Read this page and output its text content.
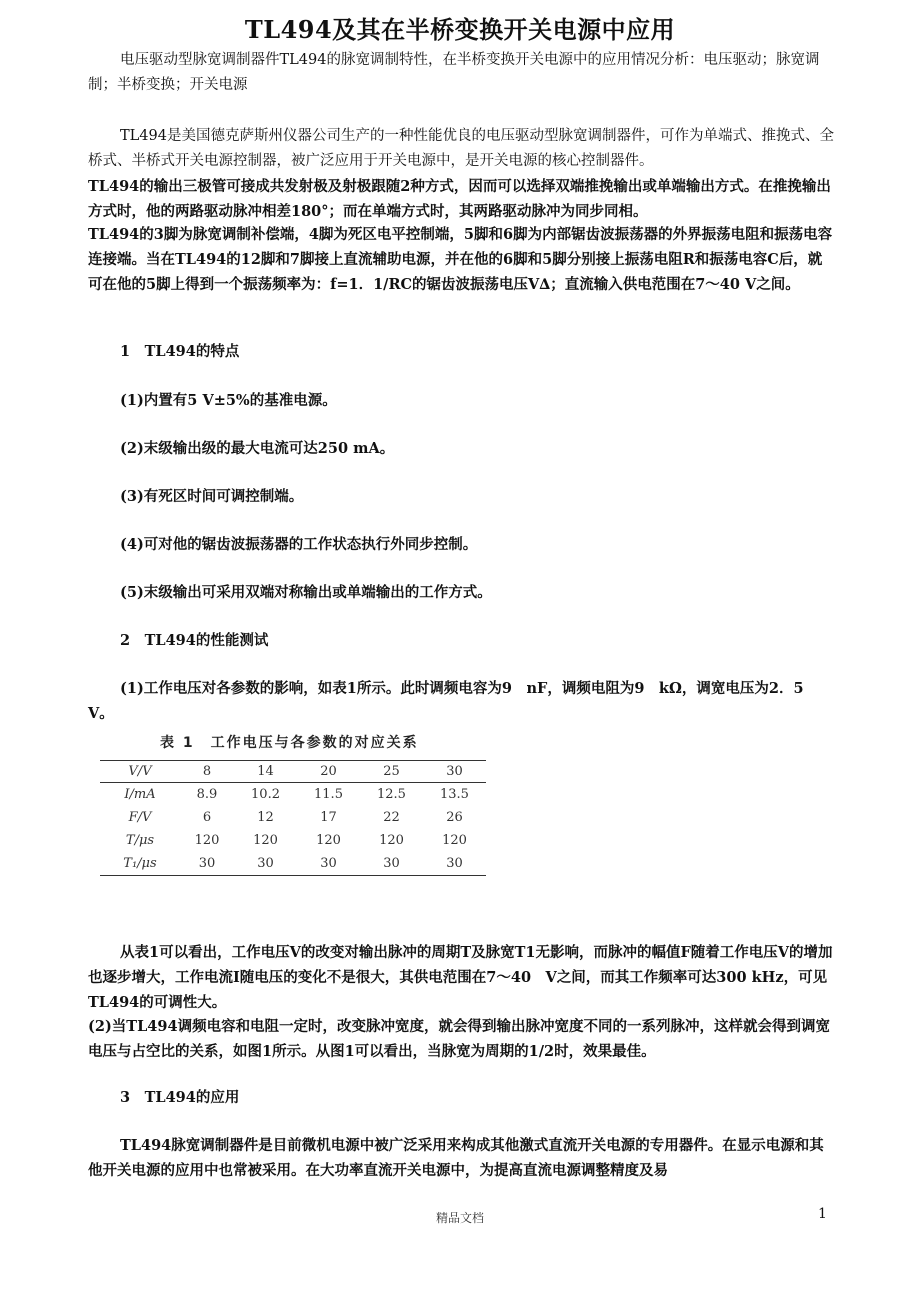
TL494及其在半桥变换开关电源中应用

电压驱动型脉宽调制器件TL494的脉宽调制特性，在半桥变换开关电源中的应用情况分析：电压驱动；脉宽调制；半桥变换；开关电源

TL494是美国德克萨斯州仪器公司生产的一种性能优良的电压驱动型脉宽调制器件，可作为单端式、推挽式、全桥式、半桥式开关电源控制器，被广泛应用于开关电源中，是开关电源的核心控制器件。

TL494的输出三极管可接成共发射极及射极跟随2种方式，因而可以选择双端推挽输出或单端输出方式。在推挽输出方式时，他的两路驱动脉冲相差180°；而在单端方式时，其两路驱动脉冲为同步同相。

TL494的3脚为脉宽调制补偿端，4脚为死区电平控制端，5脚和6脚为内部锯齿波振荡器的外界振荡电阻和振荡电容连接端。当在TL494的12脚和7脚接上直流辅助电源，并在他的6脚和5脚分别接上振荡电阻R和振荡电容C后，就可在他的5脚上得到一个振荡频率为：f=1．1/RC的锯齿波振荡电压V∆；直流输入供电范围在7～40 V之间。

1　TL494的特点

(1)内置有5 V±5%的基准电源。

(2)末级输出级的最大电流可达250 mA。

(3)有死区时间可调控制端。

(4)可对他的锯齿波振荡器的工作状态执行外同步控制。

(5)末级输出可采用双端对称输出或单端输出的工作方式。

2　TL494的性能测试

(1)工作电压对各参数的影响，如表1所示。此时调频电容为9　nF，调频电阻为9　kΩ，调宽电压为2．5 V。

表 1　工作电压与各参数的对应关系
V/V	8	14	20	25	30
I/mA	8.9	10.2	11.5	12.5	13.5
F/V	6	12	17	22	26
T/μs	120	120	120	120	120
T₁/μs	30	30	30	30	30

从表1可以看出，工作电压V的改变对输出脉冲的周期T及脉宽T1无影响，而脉冲的幅值F随着工作电压V的增加也逐步增大，工作电流I随电压的变化不是很大，其供电范围在7～40　V之间，而其工作频率可达300 kHz，可见TL494的可调性大。

(2)当TL494调频电容和电阻一定时，改变脉冲宽度，就会得到输出脉冲宽度不同的一系列脉冲，这样就会得到调宽电压与占空比的关系，如图1所示。从图1可以看出，当脉宽为周期的1/2时，效果最佳。

3　TL494的应用

TL494脉宽调制器件是目前微机电源中被广泛采用来构成其他激式直流开关电源的专用器件。在显示电源和其他开关电源的应用中也常被采用。在大功率直流开关电源中，为提高直流电源调整精度及易

精品文档	1
